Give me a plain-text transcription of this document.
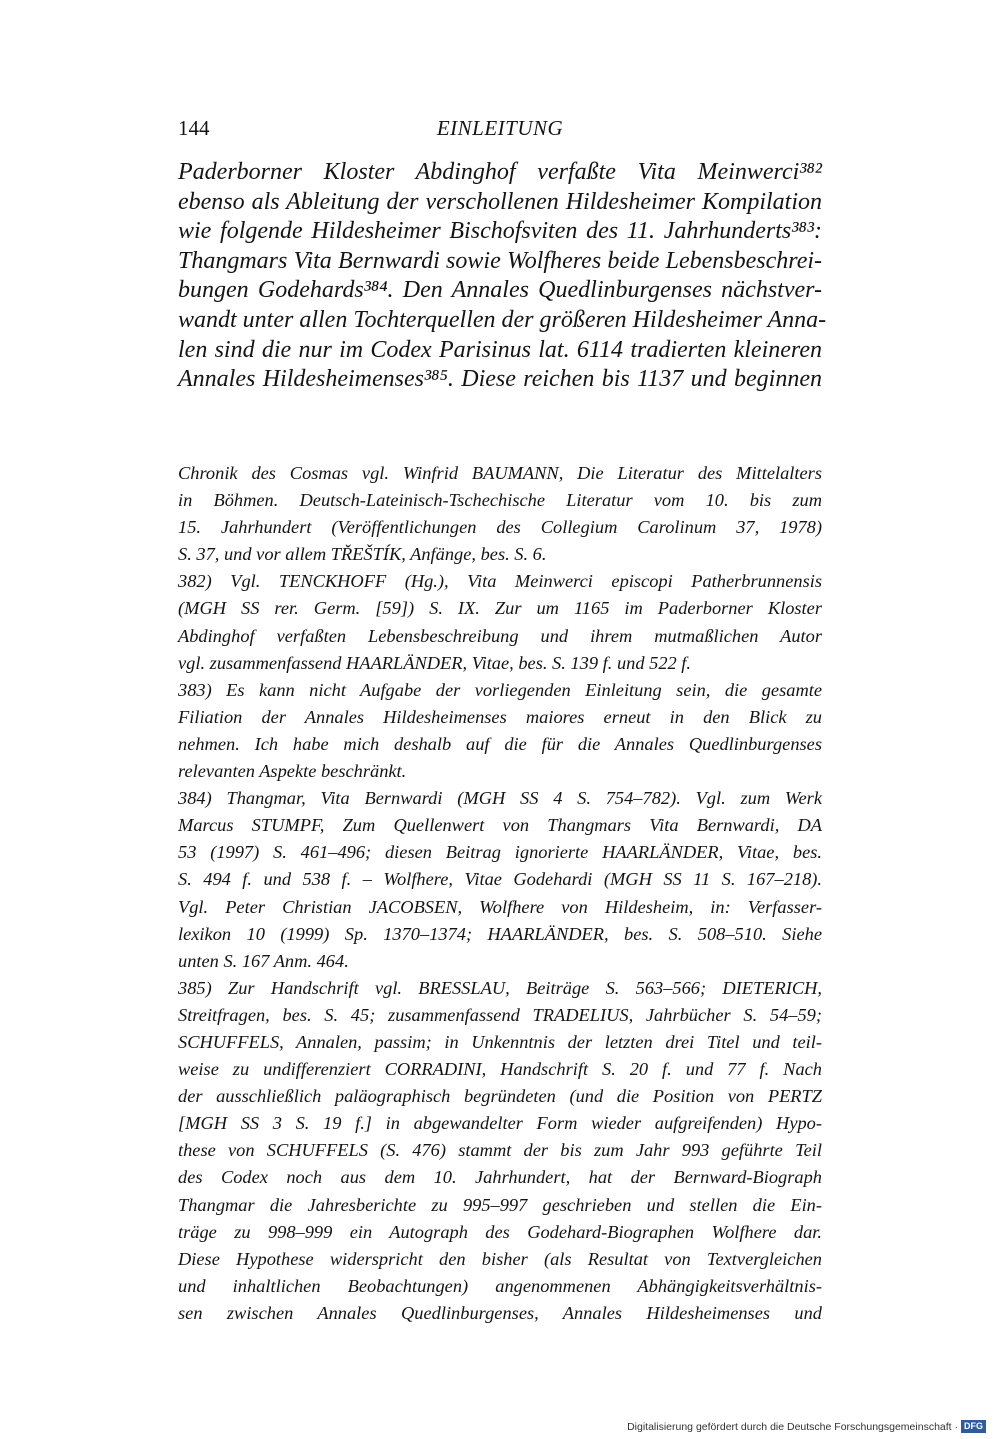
144	EINLEITUNG
Paderborner Kloster Abdinghof verfaßte Vita Meinwerci³⁸²
ebenso als Ableitung der verschollenen Hildesheimer Kompilation
wie folgende Hildesheimer Bischofsviten des 11. Jahrhunderts³⁸³:
Thangmars Vita Bernwardi sowie Wolfheres beide Lebensbeschrei-
bungen Godehards³⁸⁴. Den Annales Quedlinburgenses nächstver-
wandt unter allen Tochterquellen der größeren Hildesheimer Anna-
len sind die nur im Codex Parisinus lat. 6114 tradierten kleineren
Annales Hildesheimenses³⁸⁵. Diese reichen bis 1137 und beginnen
Chronik des Cosmas vgl. Winfrid BAUMANN, Die Literatur des Mittelalters
in Böhmen. Deutsch-Lateinisch-Tschechische Literatur vom 10. bis zum
15. Jahrhundert (Veröffentlichungen des Collegium Carolinum 37, 1978)
S. 37, und vor allem TŘEŠTÍK, Anfänge, bes. S. 6.
382) Vgl. TENCKHOFF (Hg.), Vita Meinwerci episcopi Patherbrunnensis
(MGH SS rer. Germ. [59]) S. IX. Zur um 1165 im Paderborner Kloster
Abdinghof verfaßten Lebensbeschreibung und ihrem mutmaßlichen Autor
vgl. zusammenfassend HAARLÄNDER, Vitae, bes. S. 139 f. und 522 f.
383) Es kann nicht Aufgabe der vorliegenden Einleitung sein, die gesamte
Filiation der Annales Hildesheimenses maiores erneut in den Blick zu
nehmen. Ich habe mich deshalb auf die für die Annales Quedlinburgenses
relevanten Aspekte beschränkt.
384) Thangmar, Vita Bernwardi (MGH SS 4 S. 754–782). Vgl. zum Werk
Marcus STUMPF, Zum Quellenwert von Thangmars Vita Bernwardi, DA
53 (1997) S. 461–496; diesen Beitrag ignorierte HAARLÄNDER, Vitae, bes.
S. 494 f. und 538 f. – Wolfhere, Vitae Godehardi (MGH SS 11 S. 167–218).
Vgl. Peter Christian JACOBSEN, Wolfhere von Hildesheim, in: Verfasser-
lexikon 10 (1999) Sp. 1370–1374; HAARLÄNDER, bes. S. 508–510. Siehe
unten S. 167 Anm. 464.
385) Zur Handschrift vgl. BRESSLAU, Beiträge S. 563–566; DIETERICH,
Streitfragen, bes. S. 45; zusammenfassend TRADELIUS, Jahrbücher S. 54–59;
SCHUFFELS, Annalen, passim; in Unkenntnis der letzten drei Titel und teil-
weise zu undifferenziert CORRADINI, Handschrift S. 20 f. und 77 f. Nach
der ausschließlich paläographisch begründeten (und die Position von PERTZ
[MGH SS 3 S. 19 f.] in abgewandelter Form wieder aufgreifenden) Hypo-
these von SCHUFFELS (S. 476) stammt der bis zum Jahr 993 geführte Teil
des Codex noch aus dem 10. Jahrhundert, hat der Bernward-Biograph
Thangmar die Jahresberichte zu 995–997 geschrieben und stellen die Ein-
träge zu 998–999 ein Autograph des Godehard-Biographen Wolfhere dar.
Diese Hypothese widerspricht den bisher (als Resultat von Textvergleichen
und inhaltlichen Beobachtungen) angenommenen Abhängigkeitsverhältnis-
sen zwischen Annales Quedlinburgenses, Annales Hildesheimenses und
Digitalisierung gefördert durch die Deutsche Forschungsgemeinschaft · DFG
